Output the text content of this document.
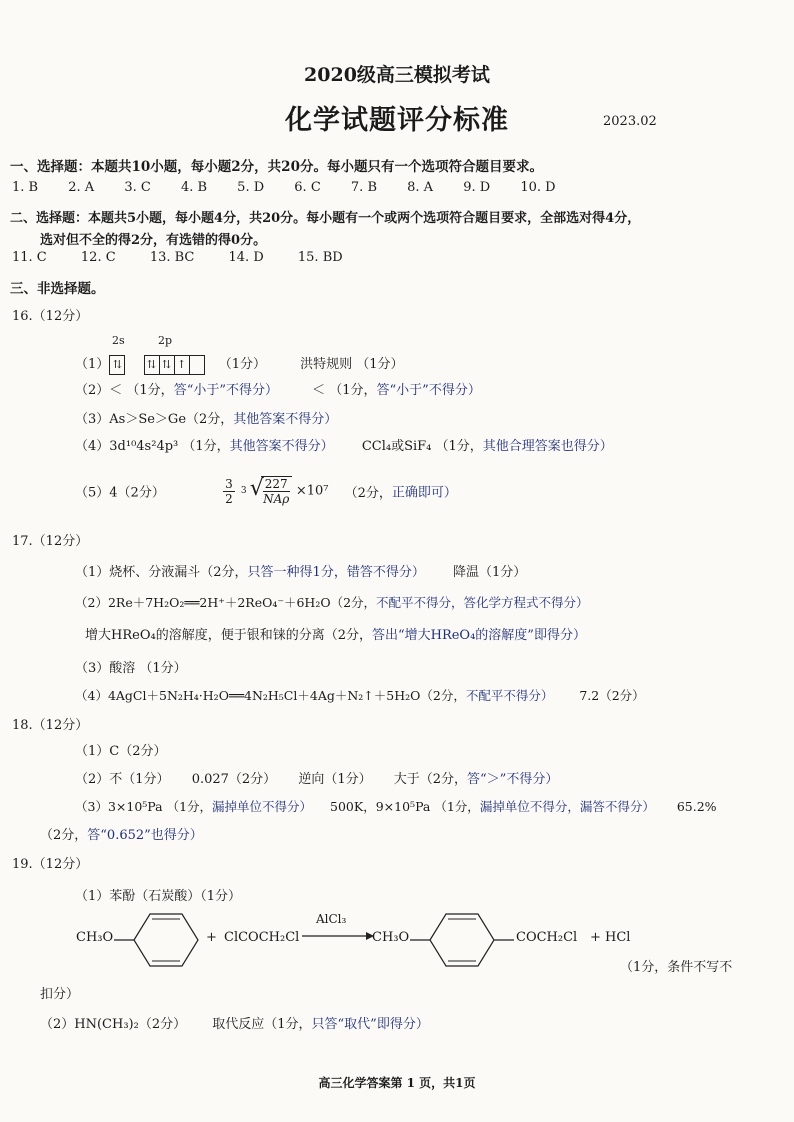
2020级高三模拟考试
化学试题评分标准	2023.02
一、选择题：本题共10小题，每小题2分，共20分。每小题只有一个选项符合题目要求。
1. B 2. A 3. C 4. B 5. D 6. C 7. B 8. A 9. D 10. D
二、选择题：本题共5小题，每小题4分，共20分。每小题有一个或两个选项符合题目要求，全部选对得4分，
选对但不全的得2分，有选错的得0分。
11. C	12. C	13. BC	14. D	15. BD
三、非选择题。
16.（12分）
2s	2p
（1） ⇅ ⇅ ⇅ ↑	（1分）	洪特规则 （1分）
（2）＜ （1分，答“小于”不得分）	＜ （1分，答“小于”不得分）
（3）As＞Se＞Ge（2分，其他答案不得分）
（4）3d¹⁰4s²4p³ （1分，其他答案不得分） CCl₄或SiF₄ （1分，其他合理答案也得分）
（5）4（2分）	$\frac{3}{2} 3$ √ $\frac{227}{\text{NAρ}} \times 10^7$ （2分，正确即可）
17.（12分）
（1）烧杯、分液漏斗（2分，只答一种得1分，错答不得分） 降温（1分）
（2）2Re＋7H₂O₂══2H⁺＋2ReO₄⁻＋6H₂O（2分，不配平不得分，答化学方程式不得分）
增大HReO₄的溶解度，便于银和铼的分离（2分，答出“增大HReO₄的溶解度”即得分）
（3）酸溶 （1分）
（4）4AgCl＋5N₂H₄·H₂O══4N₂H₅Cl＋4Ag＋N₂↑＋5H₂O（2分，不配平不得分） 7.2（2分）
18.（12分）
（1）C（2分）
（2）不（1分） 0.027（2分） 逆向（1分） 大于（2分，答“＞”不得分）
（3）3×10⁵Pa （1分，漏掉单位不得分） 500K，9×10⁵Pa （1分，漏掉单位不得分，漏答不得分） 65.2%
（2分，答“0.652”也得分）
19.（12分）
（1）苯酚（石炭酸）（1分）
CH₃O	+ ClCOCH₂Cl
AlCl₃
CH₃O	COCH₂Cl + HCl
（1分，条件不写不
扣分）
（2）HN(CH₃)₂（2分） 取代反应（1分，只答“取代”即得分）
高三化学答案第 1 页，共1页
